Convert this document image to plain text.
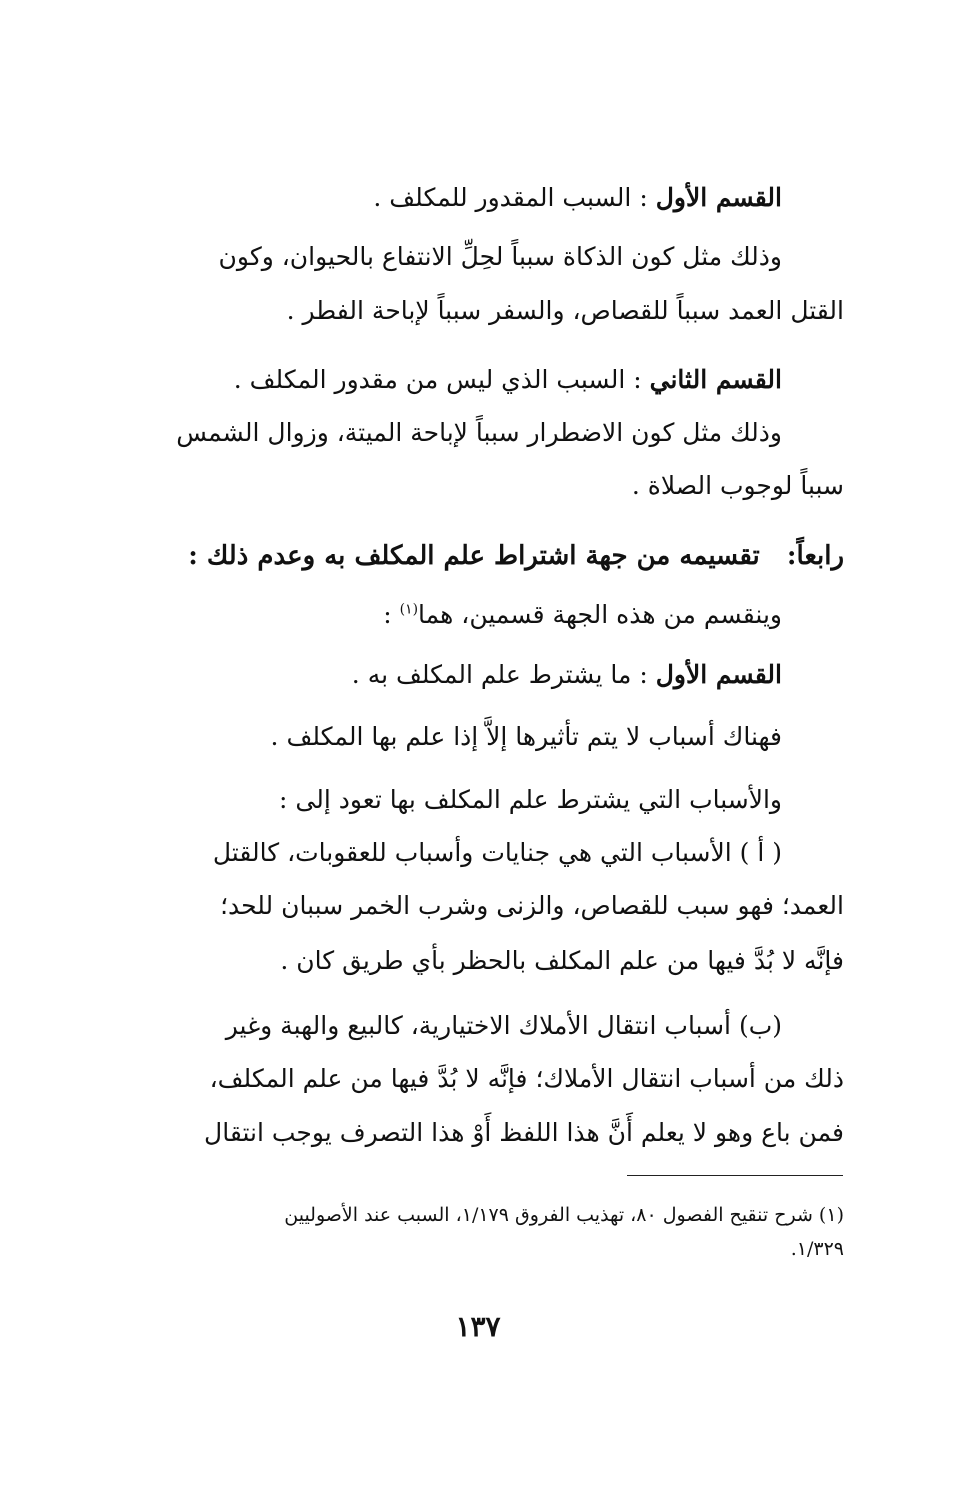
القسم الأول : السبب المقدور للمكلف .
وذلك مثل كون الذكاة سبباً لحِلِّ الانتفاع بالحيوان، وكون
القتل العمد سبباً للقصاص، والسفر سبباً لإباحة الفطر .
القسم الثاني : السبب الذي ليس من مقدور المكلف .
وذلك مثل كون الاضطرار سبباً لإباحة الميتة، وزوال الشمس
سبباً لوجوب الصلاة .
رابعاً:   تقسيمه من جهة اشتراط علم المكلف به وعدم ذلك :
وينقسم من هذه الجهة قسمين، هما$^{(١)}$ :
القسم الأول : ما يشترط علم المكلف به .
فهناك أسباب لا يتم تأثيرها إلاَّ إذا علم بها المكلف .
والأسباب التي يشترط علم المكلف بها تعود إلى :
( أ ) الأسباب التي هي جنايات وأسباب للعقوبات، كالقتل
العمد؛ فهو سبب للقصاص، والزنى وشرب الخمر سببان للحد؛
فإنَّه لا بُدَّ فيها من علم المكلف بالحظر بأي طريق كان .
(ب) أسباب انتقال الأملاك الاختيارية، كالبيع والهبة وغير
ذلك من أسباب انتقال الأملاك؛ فإنَّه لا بُدَّ فيها من علم المكلف،
فمن باع وهو لا يعلم أَنَّ هذا اللفظ أَوْ هذا التصرف يوجب انتقال
(١) شرح تنقيح الفصول ٨٠، تهذيب الفروق ١/١٧٩، السبب عند الأصوليين
١/٣٢٩.
١٣٧
